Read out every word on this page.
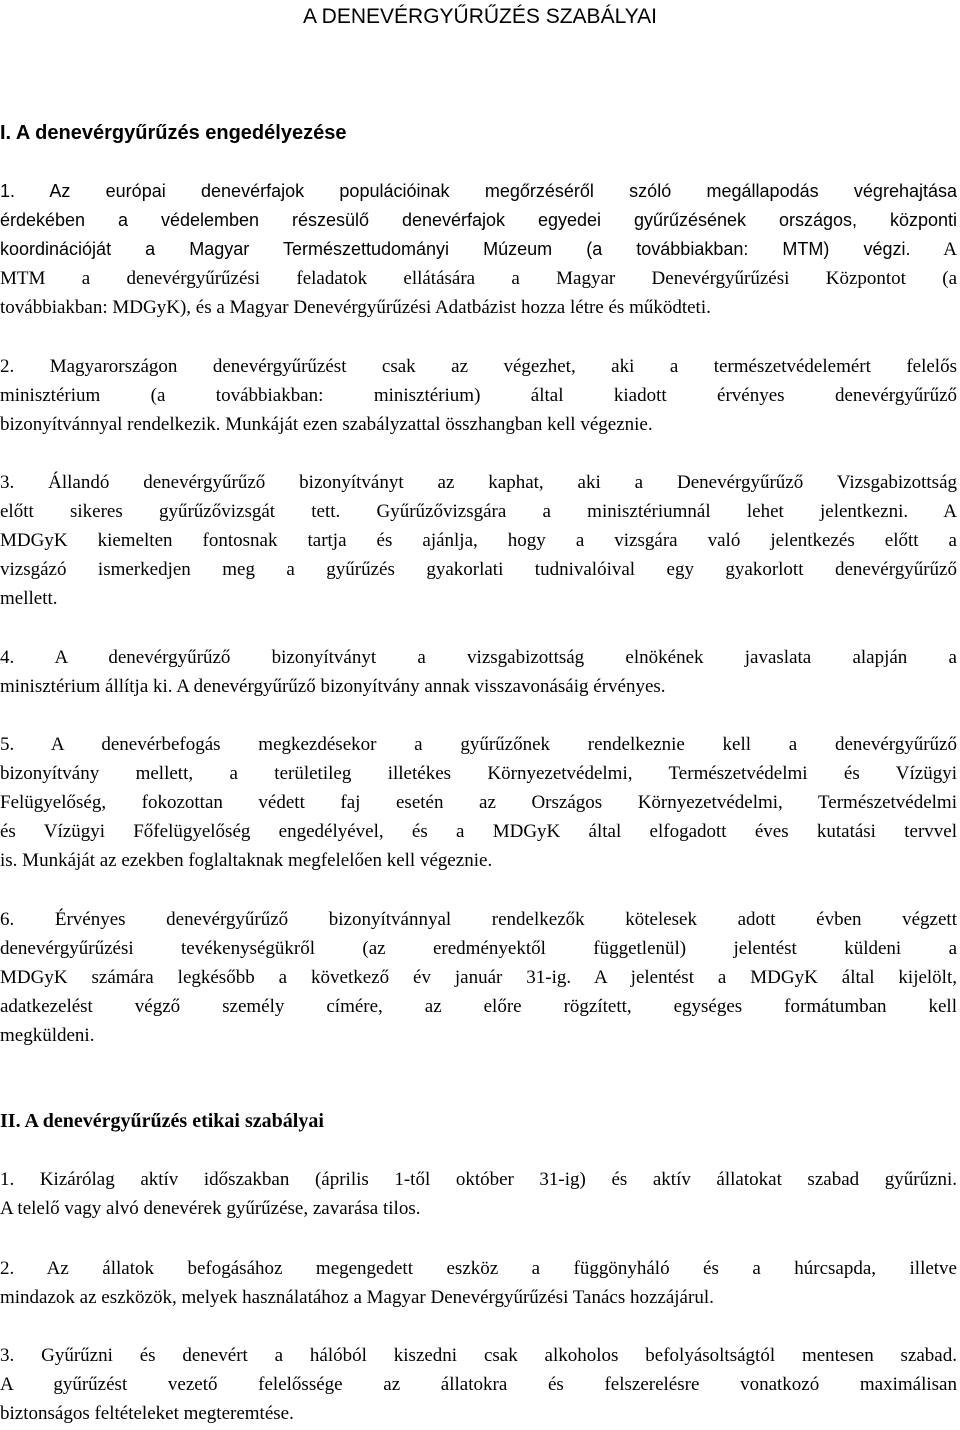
A DENEVÉRGYŰRŰZÉS SZABÁLYAI
I. A denevérgyűrűzés engedélyezése
1. Az európai denevérfajok populációinak megőrzéséről szóló megállapodás végrehajtása
érdekében a védelemben részesülő denevérfajok egyedei gyűrűzésének országos, központi
koordinációját a Magyar Természettudományi Múzeum (a továbbiakban: MTM) végzi. A
MTM a denevérgyűrűzési feladatok ellátására a Magyar Denevérgyűrűzési Központot (a
továbbiakban: MDGyK), és a Magyar Denevérgyűrűzési Adatbázist hozza létre és működteti.
2. Magyarországon denevérgyűrűzést csak az végezhet, aki a természetvédelemért felelős
minisztérium (a továbbiakban: minisztérium) által kiadott érvényes denevérgyűrűző
bizonyítvánnyal rendelkezik. Munkáját ezen szabályzattal összhangban kell végeznie.
3. Állandó denevérgyűrűző bizonyítványt az kaphat, aki a Denevérgyűrűző Vizsgabizottság
előtt sikeres gyűrűzővizsgát tett. Gyűrűzővizsgára a minisztériumnál lehet jelentkezni. A
MDGyK kiemelten fontosnak tartja és ajánlja, hogy a vizsgára való jelentkezés előtt a
vizsgázó ismerkedjen meg a gyűrűzés gyakorlati tudnivalóival egy gyakorlott denevérgyűrűző
mellett.
4. A denevérgyűrűző bizonyítványt a vizsgabizottság elnökének javaslata alapján a
minisztérium állítja ki. A denevérgyűrűző bizonyítvány annak visszavonásáig érvényes.
5. A denevérbefogás megkezdésekor a gyűrűzőnek rendelkeznie kell a denevérgyűrűző
bizonyítvány mellett, a területileg illetékes Környezetvédelmi, Természetvédelmi és Vízügyi
Felügyelőség, fokozottan védett faj esetén az Országos Környezetvédelmi, Természetvédelmi
és Vízügyi Főfelügyelőség engedélyével, és a MDGyK által elfogadott éves kutatási tervvel
is. Munkáját az ezekben foglaltaknak megfelelően kell végeznie.
6. Érvényes denevérgyűrűző bizonyítvánnyal rendelkezők kötelesek adott évben végzett
denevérgyűrűzési tevékenységükről (az eredményektől függetlenül) jelentést küldeni a
MDGyK számára legkésőbb a következő év január 31-ig. A jelentést a MDGyK által kijelölt,
adatkezelést végző személy címére, az előre rögzített, egységes formátumban kell
megküldeni.
II. A denevérgyűrűzés etikai szabályai
1. Kizárólag aktív időszakban (április 1-től október 31-ig) és aktív állatokat szabad gyűrűzni.
A telelő vagy alvó denevérek gyűrűzése, zavarása tilos.
2. Az állatok befogásához megengedett eszköz a függönyháló és a húrcsapda, illetve
mindazok az eszközök, melyek használatához a Magyar Denevérgyűrűzési Tanács hozzájárul.
3. Gyűrűzni és denevért a hálóból kiszedni csak alkoholos befolyásoltságtól mentesen szabad.
A gyűrűzést vezető felelőssége az állatokra és felszerelésre vonatkozó maximálisan
biztonságos feltételeket megteremtése.
